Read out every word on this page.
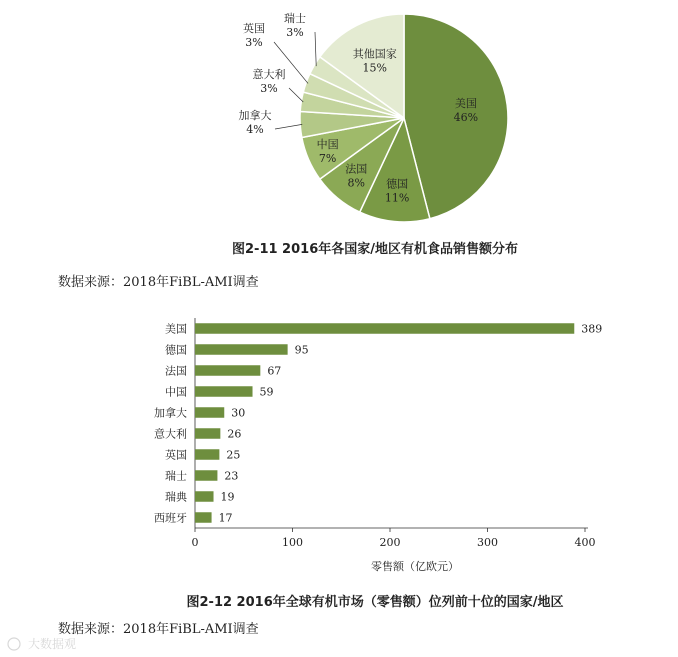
美国
46%
德国
11%
法国
8%
中国
7%
加拿大
4%
意大利
3%
英国
3%
瑞士
3%
其他国家
15%
图2-11 2016年各国家/地区有机食品销售额分布
数据来源：2018年FiBL-AMI调查
美国	389
德国	95
法国	67
中国	59
加拿大	30
意大利	26
英国	25
瑞士	23
瑞典	19
西班牙	17
0	100	200	300	400
零售额（亿欧元）
图2-12 2016年全球有机市场（零售额）位列前十位的国家/地区
数据来源：2018年FiBL-AMI调查
大数据观
